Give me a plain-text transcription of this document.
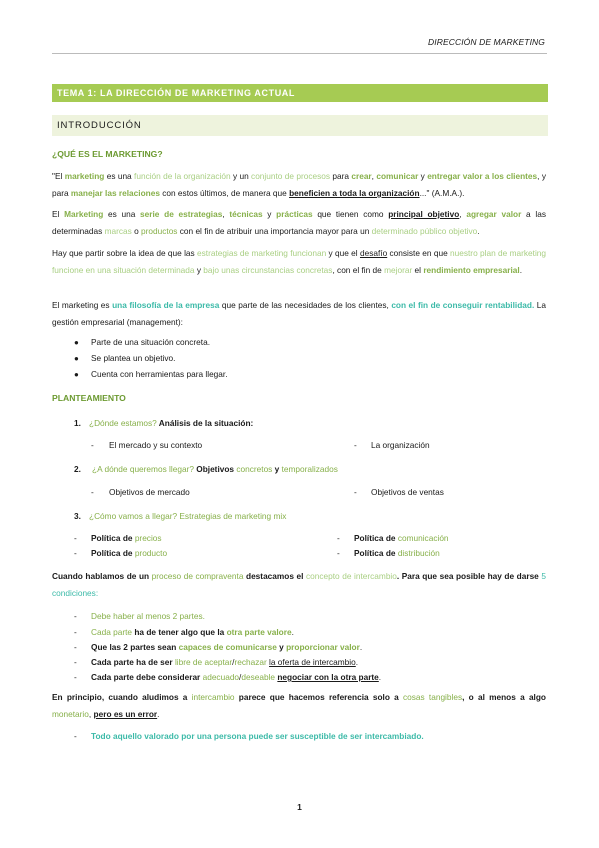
DIRECCIÓN DE MARKETING
TEMA 1: LA DIRECCIÓN DE MARKETING ACTUAL
INTRODUCCIÓN
¿QUÉ ES EL MARKETING?

"El marketing es una función de la organización y un conjunto de procesos para crear, comunicar y entregar valor a los clientes, y para manejar las relaciones con estos últimos, de manera que beneficien a toda la organización..." (A.M.A.).

El Marketing es una serie de estrategias, técnicas y prácticas que tienen como principal objetivo, agregar valor a las determinadas marcas o productos con el fin de atribuir una importancia mayor para un determinado público objetivo.

Hay que partir sobre la idea de que las estrategias de marketing funcionan y que el desafío consiste en que nuestro plan de marketing funcione en una situación determinada y bajo unas circunstancias concretas, con el fin de mejorar el rendimiento empresarial.

El marketing es una filosofía de la empresa que parte de las necesidades de los clientes, con el fin de conseguir rentabilidad. La gestión empresarial (management):

● Parte de una situación concreta.
● Se plantea un objetivo.
● Cuenta con herramientas para llegar.
PLANTEAMIENTO
1. ¿Dónde estamos? Análisis de la situación:
- El mercado y su contexto	- La organización
2. ¿A dónde queremos llegar? Objetivos concretos y temporalizados
- Objetivos de mercado	- Objetivos de ventas
3. ¿Cómo vamos a llegar? Estrategias de marketing mix
- Política de precios	- Política de comunicación
- Política de producto	- Política de distribución

Cuando hablamos de un proceso de compraventa destacamos el concepto de intercambio. Para que sea posible hay de darse 5 condiciones:

- Debe haber al menos 2 partes.
- Cada parte ha de tener algo que la otra parte valore.
- Que las 2 partes sean capaces de comunicarse y proporcionar valor.
- Cada parte ha de ser libre de aceptar/rechazar la oferta de intercambio.
- Cada parte debe considerar adecuado/deseable negociar con la otra parte.

En principio, cuando aludimos a intercambio parece que hacemos referencia solo a cosas tangibles, o al menos a algo monetario, pero es un error.

- Todo aquello valorado por una persona puede ser susceptible de ser intercambiado.
1
